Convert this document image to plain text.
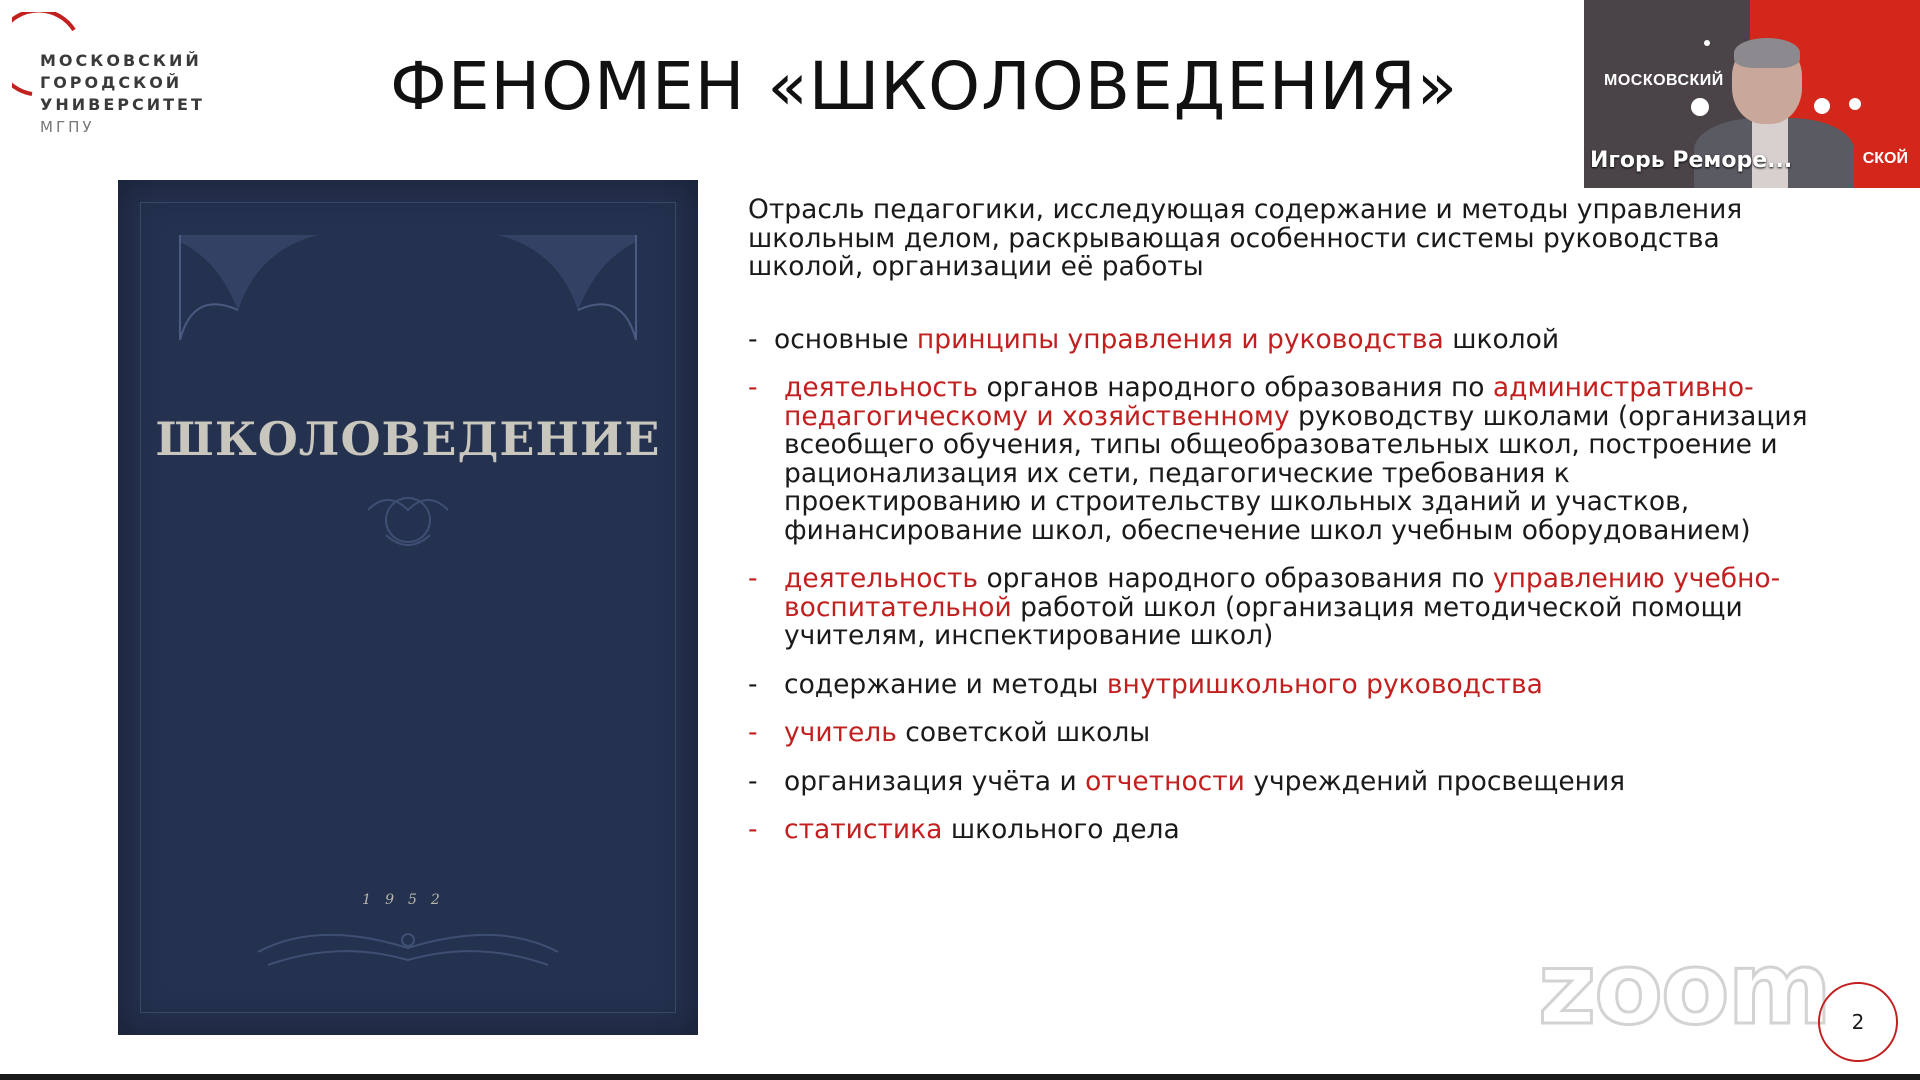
МОСКОВСКИЙ
ГОРОДСКОЙ
УНИВЕРСИТЕТ
МГПУ
ФЕНОМЕН «ШКОЛОВЕДЕНИЯ»
ШКОЛОВЕДЕНИЕ
1952

Отрасль педагогики, исследующая содержание и методы управления школьным делом, раскрывающая особенности системы руководства школой, организации её работы

- основные принципы управления и руководства школой
- деятельность органов народного образования по административно-педагогическому и хозяйственному руководству школами (организация всеобщего обучения, типы общеобразовательных школ, построение и рационализация их сети, педагогические требования к проектированию и строительству школьных зданий и участков, финансирование школ, обеспечение школ учебным оборудованием)
- деятельность органов народного образования по управлению учебно-воспитательной работой школ (организация методической помощи учителям, инспектирование школ)
- содержание и методы внутришкольного руководства
- учитель советской школы
- организация учёта и отчетности учреждений просвещения
- статистика школьного дела
zoom	2
МОСКОВСКИЙ
СКОЙ
Игорь Реморе...
